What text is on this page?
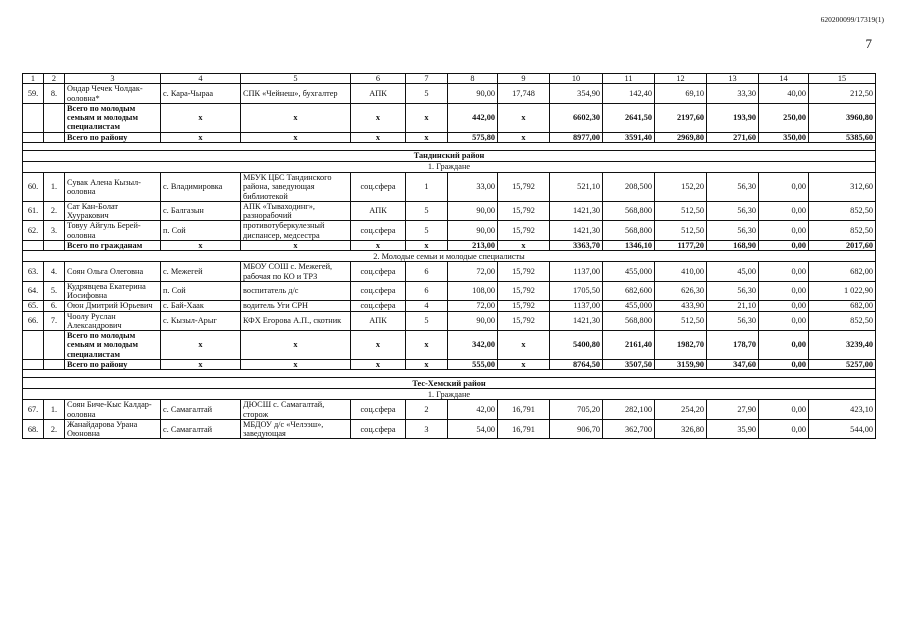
620200099/17319(1)
7
1	2	3	4	5	6	7	8	9	10	11	12	13	14	15
59.	8.	Ондар Чечек Чолдак-ооловна*	с. Кара-Чыраа	СПК «Чейнеш», бухгалтер	АПК	5	90,00	17,748	354,90	142,40	69,10	33,30	40,00	212,50
		Всего по молодым семьям и молодым специалистам	х	х	х	х	442,00	х	6602,30	2641,50	2197,60	193,90	250,00	3960,80
		Всего по району	х	х	х	х	575,80	х	8977,00	3591,40	2969,80	271,60	350,00	5385,60

Тандинский район														
1. Граждане														
60.	1.	Сувак Алена Кызыл-ооловна	с. Владимировка	МБУК ЦБС Тандинского района, заведующая библиотекой	соц.сфера	1	33,00	15,792	521,10	208,500	152,20	56,30	0,00	312,60
61.	2.	Сат Кан-Болат Хууракович	с. Балгазын	АПК «Тываходинг», разнорабочий	АПК	5	90,00	15,792	1421,30	568,800	512,50	56,30	0,00	852,50
62.	3.	Товуу Айгуль Берей-ооловна	п. Сой	противотуберкулезный диспансер, медсестра	соц.сфера	5	90,00	15,792	1421,30	568,800	512,50	56,30	0,00	852,50
		Всего по гражданам	х	х	х	х	213,00	х	3363,70	1346,10	1177,20	168,90	0,00	2017,60
2. Молодые семьи и молодые специалисты														
63.	4.	Соян Ольга Олеговна	с. Межегей	МБОУ СОШ с. Межегей, рабочая по КО и ТРЗ	соц.сфера	6	72,00	15,792	1137,00	455,000	410,00	45,00	0,00	682,00
64.	5.	Кудрявцева Екатерина Иосифовна	п. Сой	воспитатель д/с	соц.сфера	6	108,00	15,792	1705,50	682,600	626,30	56,30	0,00	1 022,90
65.	6.	Оюн Дмитрий Юрьевич	с. Бай-Хаак	водитель Уги СРН	соц.сфера	4	72,00	15,792	1137,00	455,000	433,90	21,10	0,00	682,00
66.	7.	Чоолу Руслан Александрович	с. Кызыл-Арыг	КФХ Егорова А.П., скотник	АПК	5	90,00	15,792	1421,30	568,800	512,50	56,30	0,00	852,50
		Всего по молодым семьям и молодым специалистам	х	х	х	х	342,00	х	5400,80	2161,40	1982,70	178,70	0,00	3239,40
		Всего по району	х	х	х	х	555,00	х	8764,50	3507,50	3159,90	347,60	0,00	5257,00

Тес-Хемский район														
1. Граждане														
67.	1.	Соян Биче-Кыс Калдар-ооловна	с. Самагалтай	ДЮСШ с. Самагалтай, сторож	соц.сфера	2	42,00	16,791	705,20	282,100	254,20	27,90	0,00	423,10
68.	2.	Жанайдарова Урана Оюновна	с. Самагалтай	МБДОУ д/с «Челээш», заведующая	соц.сфера	3	54,00	16,791	906,70	362,700	326,80	35,90	0,00	544,00
